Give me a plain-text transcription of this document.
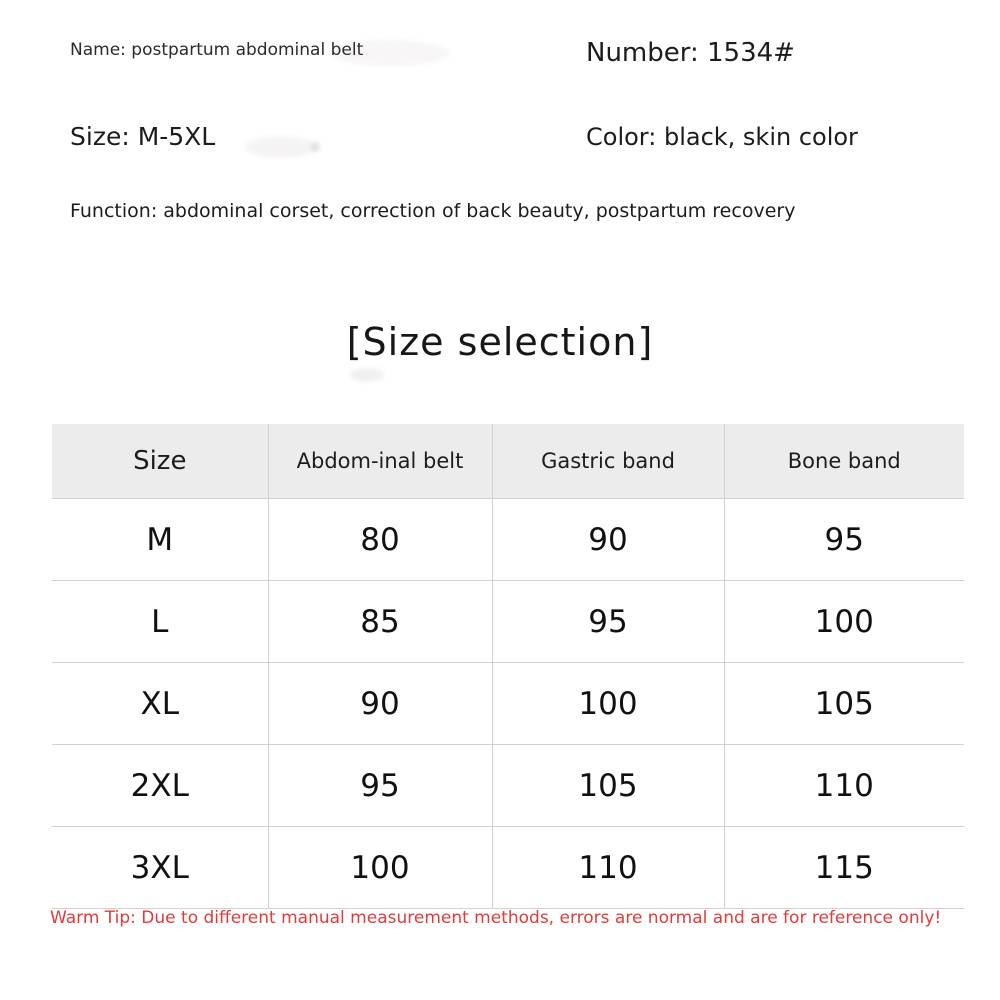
Name: postpartum abdominal belt	Number: 1534#
Size: M-5XL	Color: black, skin color
Function: abdominal corset, correction of back beauty, postpartum recovery
[Size selection]
Size	Abdom-inal belt	Gastric band	Bone band
M	80	90	95
L	85	95	100
XL	90	100	105
2XL	95	105	110
3XL	100	110	115
Warm Tip: Due to different manual measurement methods, errors are normal and are for reference only!
